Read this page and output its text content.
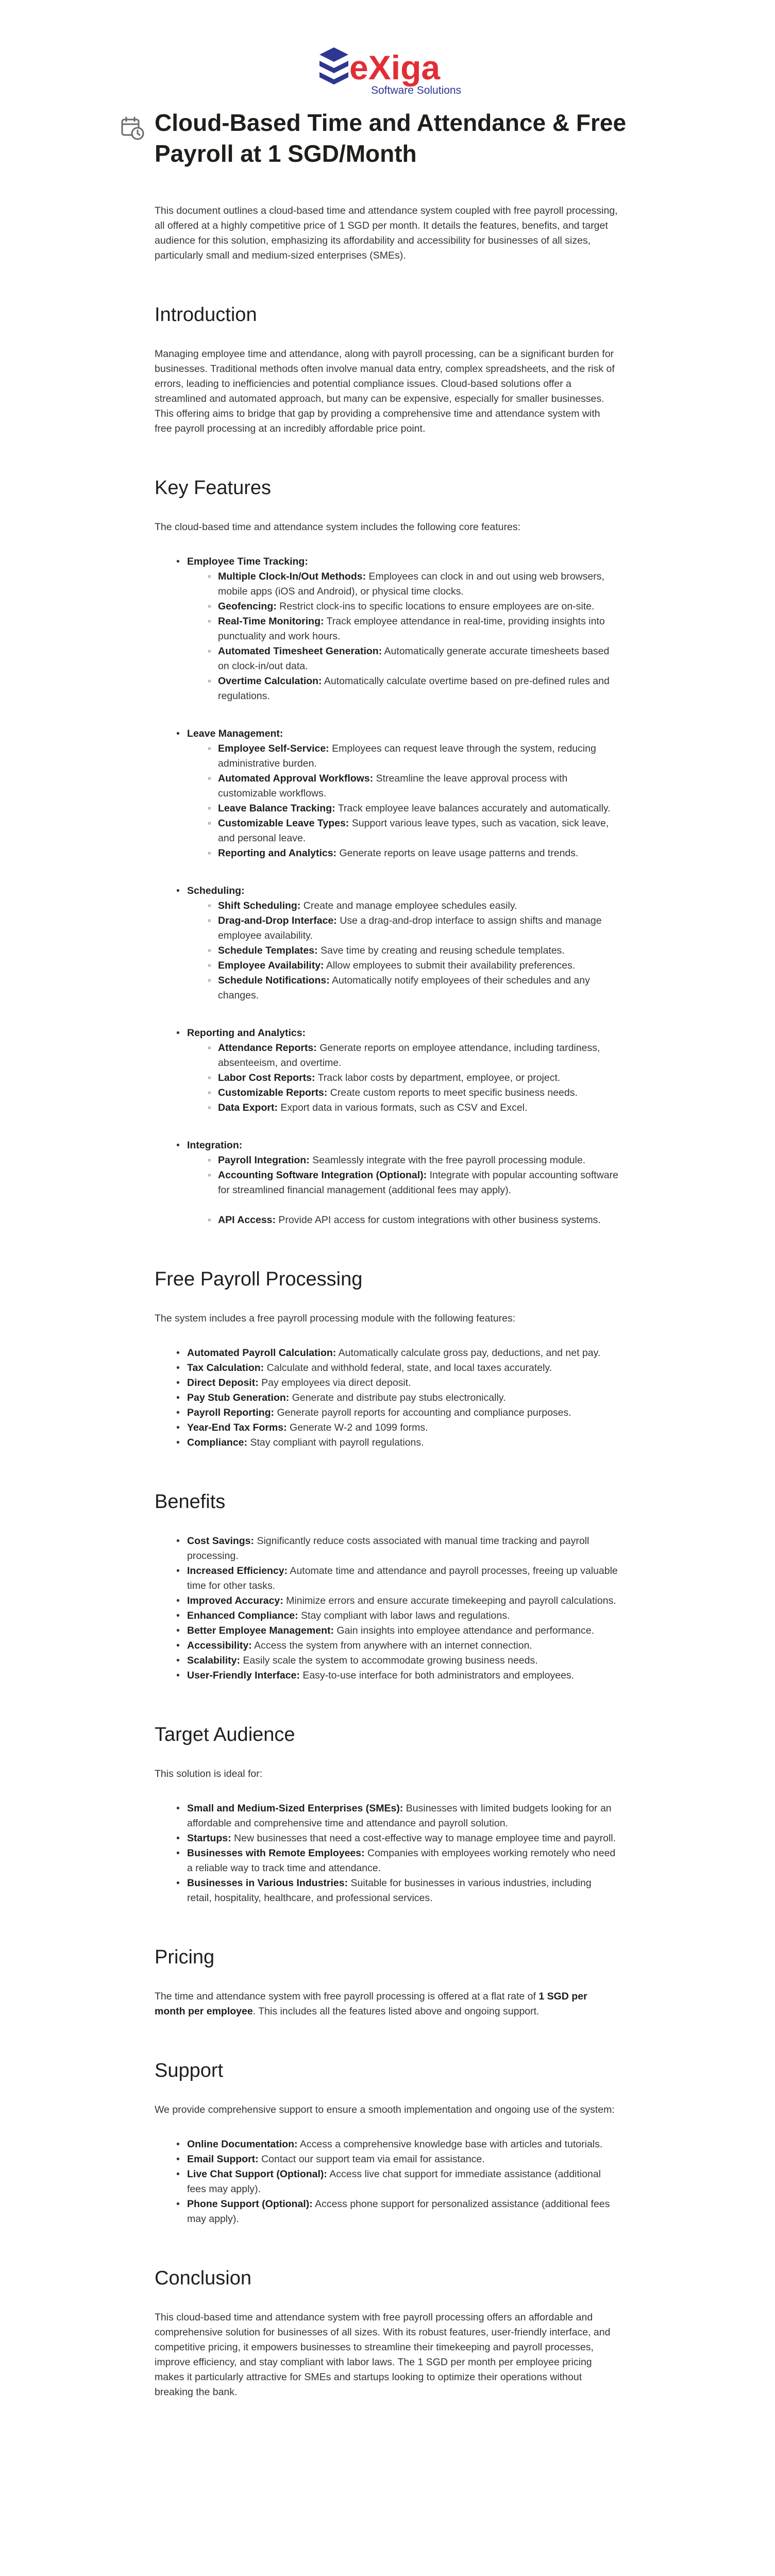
eXiga
Software Solutions
Cloud-Based Time and Attendance & Free Payroll at 1 SGD/Month

This document outlines a cloud-based time and attendance system coupled with free payroll processing, all offered at a highly competitive price of 1 SGD per month. It details the features, benefits, and target audience for this solution, emphasizing its affordability and accessibility for businesses of all sizes, particularly small and medium-sized enterprises (SMEs).

Introduction

Managing employee time and attendance, along with payroll processing, can be a significant burden for businesses. Traditional methods often involve manual data entry, complex spreadsheets, and the risk of errors, leading to inefficiencies and potential compliance issues. Cloud-based solutions offer a streamlined and automated approach, but many can be expensive, especially for smaller businesses. This offering aims to bridge that gap by providing a comprehensive time and attendance system with free payroll processing at an incredibly affordable price point.

Key Features

The cloud-based time and attendance system includes the following core features:

• Employee Time Tracking:
◦ Multiple Clock-In/Out Methods: Employees can clock in and out using web browsers, mobile apps (iOS and Android), or physical time clocks.
◦ Geofencing: Restrict clock-ins to specific locations to ensure employees are on-site.
◦ Real-Time Monitoring: Track employee attendance in real-time, providing insights into punctuality and work hours.
◦ Automated Timesheet Generation: Automatically generate accurate timesheets based on clock-in/out data.
◦ Overtime Calculation: Automatically calculate overtime based on pre-defined rules and regulations.
• Leave Management:
◦ Employee Self-Service: Employees can request leave through the system, reducing administrative burden.
◦ Automated Approval Workflows: Streamline the leave approval process with customizable workflows.
◦ Leave Balance Tracking: Track employee leave balances accurately and automatically.
◦ Customizable Leave Types: Support various leave types, such as vacation, sick leave, and personal leave.
◦ Reporting and Analytics: Generate reports on leave usage patterns and trends.
• Scheduling:
◦ Shift Scheduling: Create and manage employee schedules easily.
◦ Drag-and-Drop Interface: Use a drag-and-drop interface to assign shifts and manage employee availability.
◦ Schedule Templates: Save time by creating and reusing schedule templates.
◦ Employee Availability: Allow employees to submit their availability preferences.
◦ Schedule Notifications: Automatically notify employees of their schedules and any changes.
• Reporting and Analytics:
◦ Attendance Reports: Generate reports on employee attendance, including tardiness, absenteeism, and overtime.
◦ Labor Cost Reports: Track labor costs by department, employee, or project.
◦ Customizable Reports: Create custom reports to meet specific business needs.
◦ Data Export: Export data in various formats, such as CSV and Excel.
• Integration:
◦ Payroll Integration: Seamlessly integrate with the free payroll processing module.
◦ Accounting Software Integration (Optional): Integrate with popular accounting software for streamlined financial management (additional fees may apply).
◦ API Access: Provide API access for custom integrations with other business systems.
Free Payroll Processing

The system includes a free payroll processing module with the following features:

• Automated Payroll Calculation: Automatically calculate gross pay, deductions, and net pay.
• Tax Calculation: Calculate and withhold federal, state, and local taxes accurately.
• Direct Deposit: Pay employees via direct deposit.
• Pay Stub Generation: Generate and distribute pay stubs electronically.
• Payroll Reporting: Generate payroll reports for accounting and compliance purposes.
• Year-End Tax Forms: Generate W-2 and 1099 forms.
• Compliance: Stay compliant with payroll regulations.
Benefits
• Cost Savings: Significantly reduce costs associated with manual time tracking and payroll processing.
• Increased Efficiency: Automate time and attendance and payroll processes, freeing up valuable time for other tasks.
• Improved Accuracy: Minimize errors and ensure accurate timekeeping and payroll calculations.
• Enhanced Compliance: Stay compliant with labor laws and regulations.
• Better Employee Management: Gain insights into employee attendance and performance.
• Accessibility: Access the system from anywhere with an internet connection.
• Scalability: Easily scale the system to accommodate growing business needs.
• User-Friendly Interface: Easy-to-use interface for both administrators and employees.
Target Audience

This solution is ideal for:

• Small and Medium-Sized Enterprises (SMEs): Businesses with limited budgets looking for an affordable and comprehensive time and attendance and payroll solution.
• Startups: New businesses that need a cost-effective way to manage employee time and payroll.
• Businesses with Remote Employees: Companies with employees working remotely who need a reliable way to track time and attendance.
• Businesses in Various Industries: Suitable for businesses in various industries, including retail, hospitality, healthcare, and professional services.
Pricing

The time and attendance system with free payroll processing is offered at a flat rate of 1 SGD per month per employee. This includes all the features listed above and ongoing support.

Support

We provide comprehensive support to ensure a smooth implementation and ongoing use of the system:

• Online Documentation: Access a comprehensive knowledge base with articles and tutorials.
• Email Support: Contact our support team via email for assistance.
• Live Chat Support (Optional): Access live chat support for immediate assistance (additional fees may apply).
• Phone Support (Optional): Access phone support for personalized assistance (additional fees may apply).
Conclusion

This cloud-based time and attendance system with free payroll processing offers an affordable and comprehensive solution for businesses of all sizes. With its robust features, user-friendly interface, and competitive pricing, it empowers businesses to streamline their timekeeping and payroll processes, improve efficiency, and stay compliant with labor laws. The 1 SGD per month per employee pricing makes it particularly attractive for SMEs and startups looking to optimize their operations without breaking the bank.
